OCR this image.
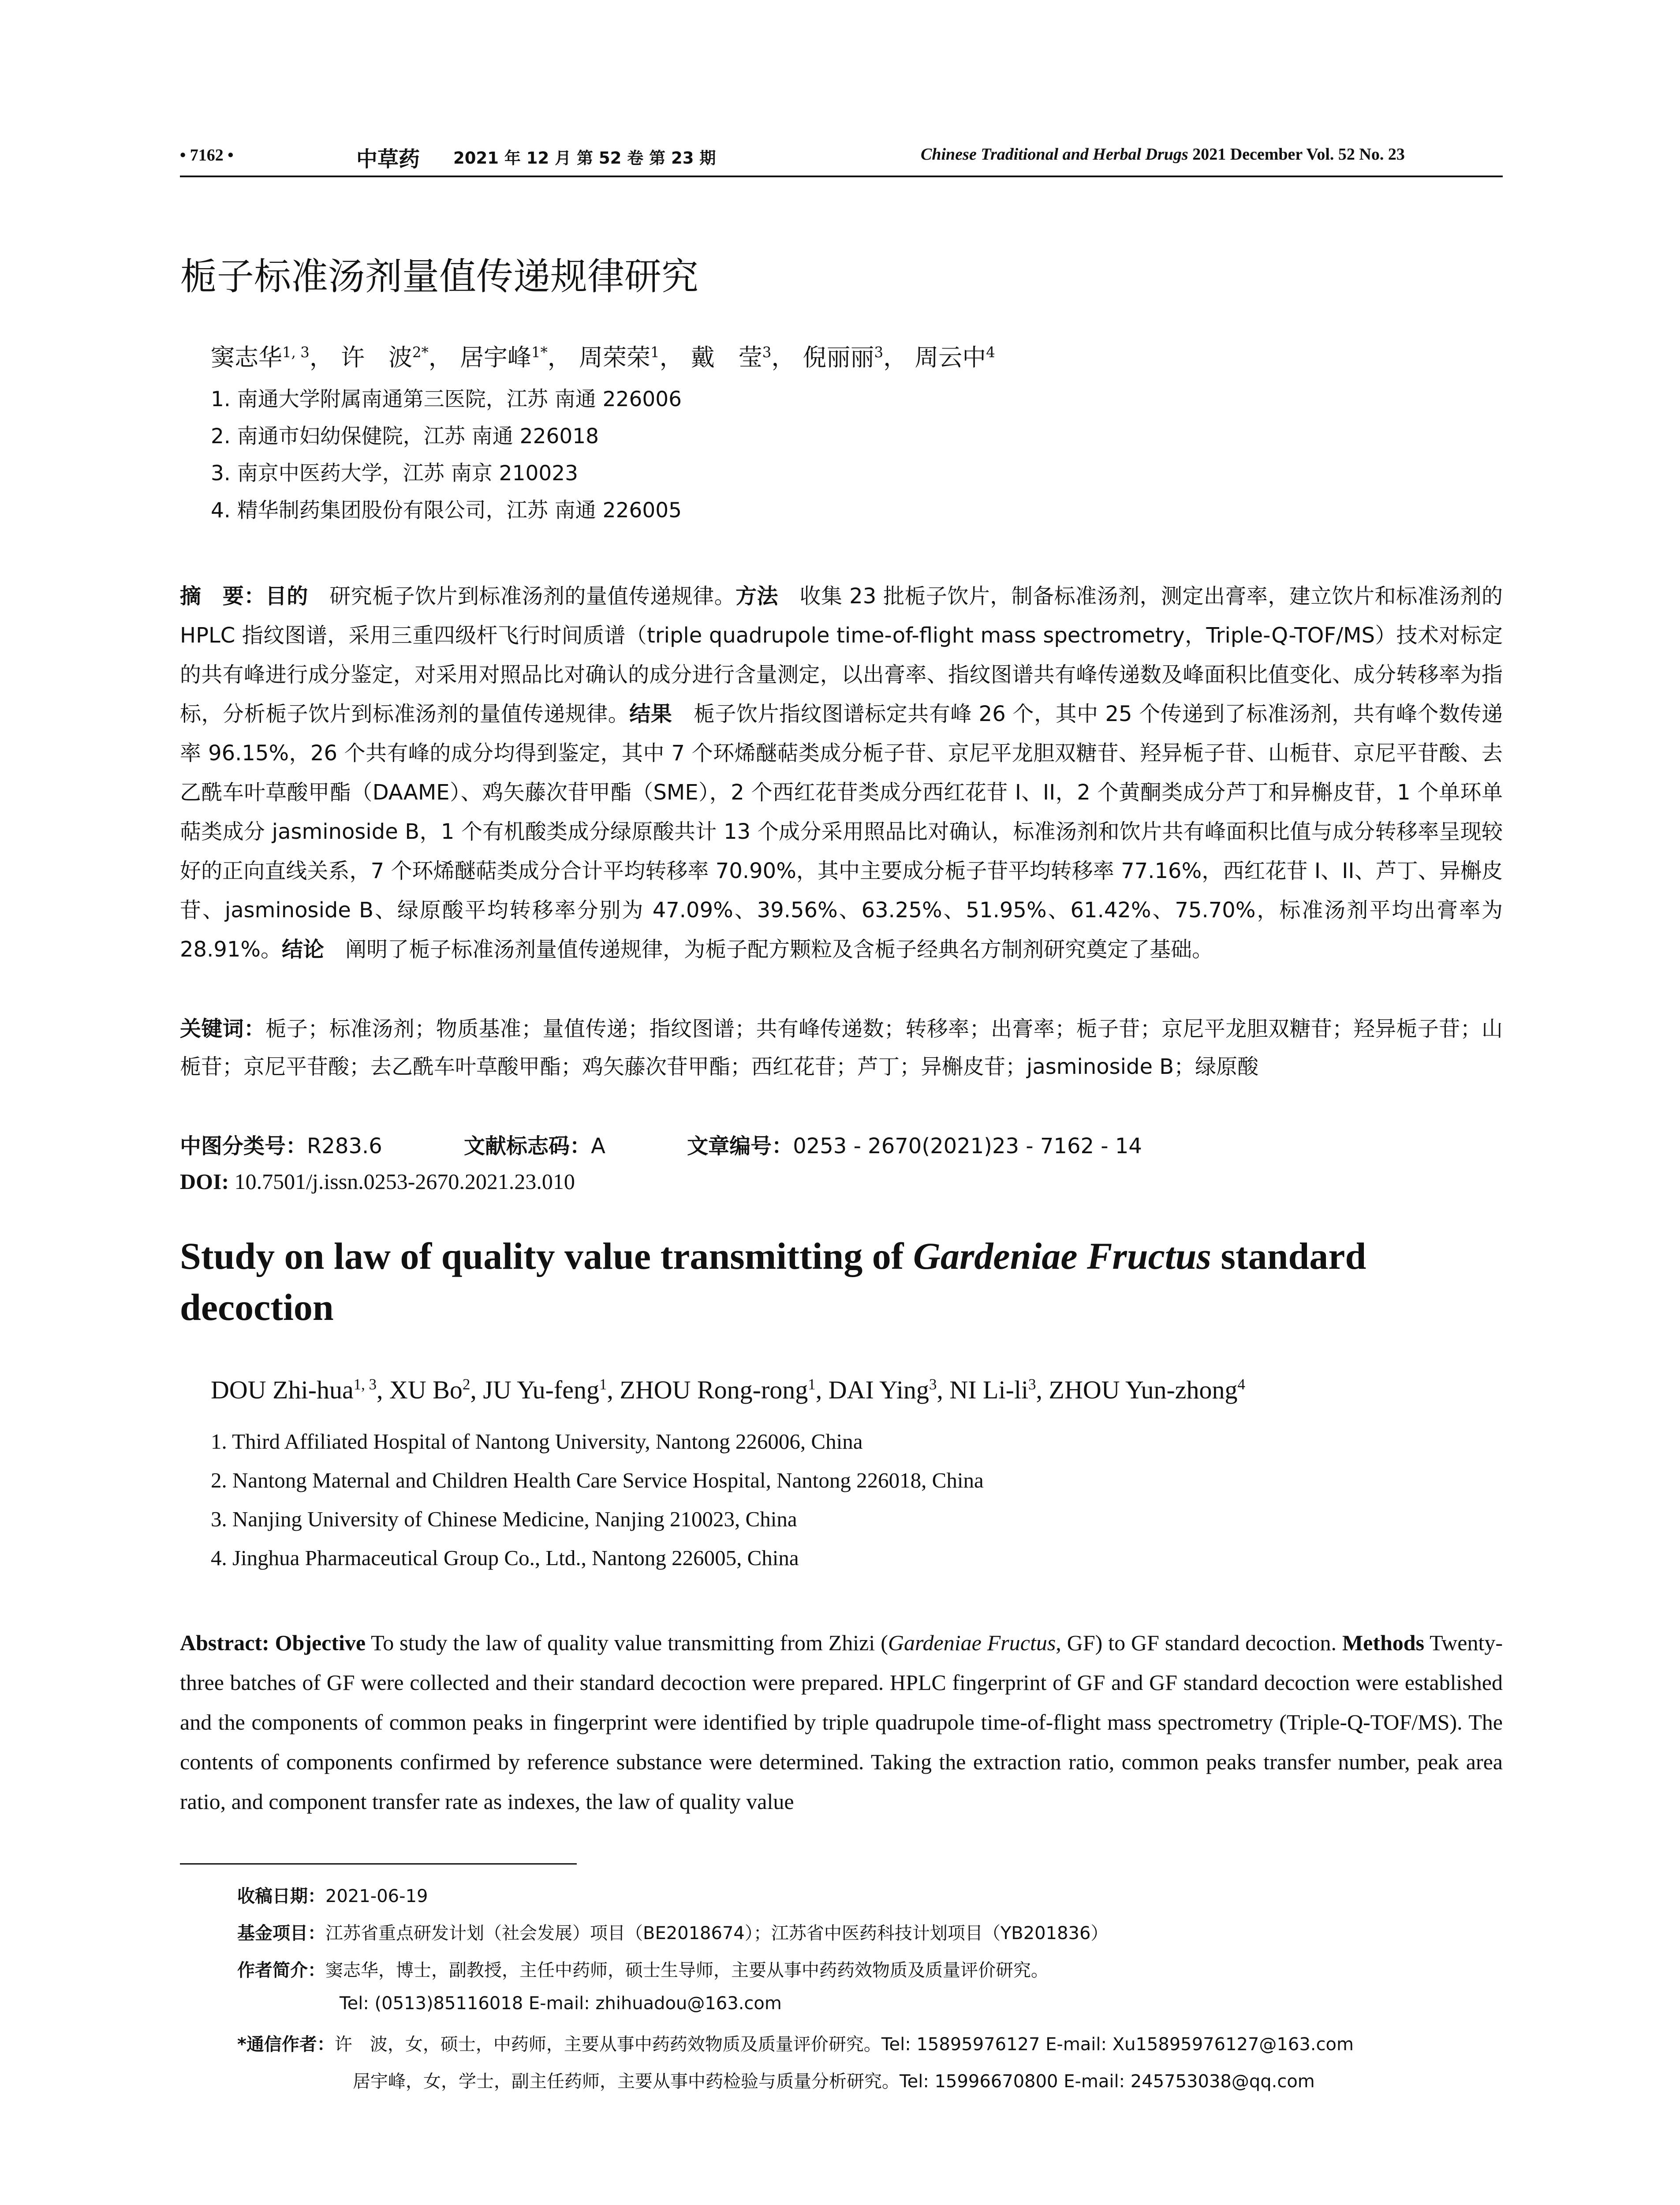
• 7162 •	中草药 2021 年 12 月 第 52 卷 第 23 期	Chinese Traditional and Herbal Drugs 2021 December Vol. 52 No. 23
栀子标准汤剂量值传递规律研究
窦志华$^{1, 3}$， 许　波$^{2*}$， 居宇峰$^{1*}$， 周荣荣$^1$， 戴　莹$^3$， 倪丽丽$^3$， 周云中$^4$
1. 南通大学附属南通第三医院，江苏 南通 226006
2. 南通市妇幼保健院，江苏 南通 226018
3. 南京中医药大学，江苏 南京 210023
4. 精华制药集团股份有限公司，江苏 南通 226005
摘　要：目的　 研究栀子饮片到标准汤剂的量值传递规律。方法　 收集 23 批栀子饮片，制备标准汤剂，测定出膏率，建立饮片和标准汤剂的 HPLC 指纹图谱，采用三重四级杆飞行时间质谱（triple quadrupole time-of-flight mass spectrometry，Triple-Q-TOF/MS）技术对标定的共有峰进行成分鉴定，对采用对照品比对确认的成分进行含量测定，以出膏率、指纹图谱共有峰传递数及峰面积比值变化、成分转移率为指标，分析栀子饮片到标准汤剂的量值传递规律。结果　 栀子饮片指纹图谱标定共有峰 26 个，其中 25 个传递到了标准汤剂，共有峰个数传递率 96.15%，26 个共有峰的成分均得到鉴定，其中 7 个环烯醚萜类成分栀子苷、京尼平龙胆双糖苷、羟异栀子苷、山栀苷、京尼平苷酸、去乙酰车叶草酸甲酯（DAAME）、鸡矢藤次苷甲酯（SME），2 个西红花苷类成分西红花苷 I、II，2 个黄酮类成分芦丁和异槲皮苷，1 个单环单萜类成分 jasminoside B，1 个有机酸类成分绿原酸共计 13 个成分采用照品比对确认，标准汤剂和饮片共有峰面积比值与成分转移率呈现较好的正向直线关系，7 个环烯醚萜类成分合计平均转移率 70.90%，其中主要成分栀子苷平均转移率 77.16%，西红花苷 I、II、芦丁、异槲皮苷、jasminoside B、绿原酸平均转移率分别为 47.09%、39.56%、63.25%、51.95%、61.42%、75.70%，标准汤剂平均出膏率为 28.91%。结论　 阐明了栀子标准汤剂量值传递规律，为栀子配方颗粒及含栀子经典名方制剂研究奠定了基础。
关键词：栀子；标准汤剂；物质基准；量值传递；指纹图谱；共有峰传递数；转移率；出膏率；栀子苷；京尼平龙胆双糖苷；羟异栀子苷；山栀苷；京尼平苷酸；去乙酰车叶草酸甲酯；鸡矢藤次苷甲酯；西红花苷；芦丁；异槲皮苷；jasminoside B；绿原酸
中图分类号：R283.6	文献标志码：A	文章编号：0253 - 2670(2021)23 - 7162 - 14
DOI: 10.7501/j.issn.0253-2670.2021.23.010
Study on law of quality value transmitting of Gardeniae Fructus standard decoction
DOU Zhi-hua$^{1, 3}$, XU Bo$^2$, JU Yu-feng$^1$, ZHOU Rong-rong$^1$, DAI Ying$^3$, NI $Li-li^3$, ZHOU Yun-zhong$^4$
1. Third Affiliated Hospital of Nantong University, Nantong 226006, China
2. Nantong Maternal and Children Health Care Service Hospital, Nantong 226018, China
3. Nanjing University of Chinese Medicine, Nanjing 210023, China
4. Jinghua Pharmaceutical Group Co., Ltd., Nantong 226005, China
Abstract: Objective To study the law of quality value transmitting from Zhizi (Gardeniae Fructus, GF) to GF standard decoction. Methods Twenty-three batches of GF were collected and their standard decoction were prepared. HPLC fingerprint of GF and GF standard decoction were established and the components of common peaks in fingerprint were identified by triple quadrupole time-of-flight mass spectrometry (Triple-Q-TOF/MS). The contents of components confirmed by reference substance were determined. Taking the extraction ratio, common peaks transfer number, peak area ratio, and component transfer rate as indexes, the law of quality value
收稿日期：2021-06-19
基金项目：江苏省重点研发计划（社会发展）项目（BE2018674）；江苏省中医药科技计划项目（YB201836）
作者简介：窦志华，博士，副教授，主任中药师，硕士生导师，主要从事中药药效物质及质量评价研究。
Tel: (0513)85116018 E-mail: zhihuadou@163.com
*通信作者：许　波，女，硕士，中药师，主要从事中药药效物质及质量评价研究。Tel: 15895976127 E-mail: Xu15895976127@163.com
居宇峰，女，学士，副主任药师，主要从事中药检验与质量分析研究。Tel: 15996670800 E-mail: 245753038@qq.com
